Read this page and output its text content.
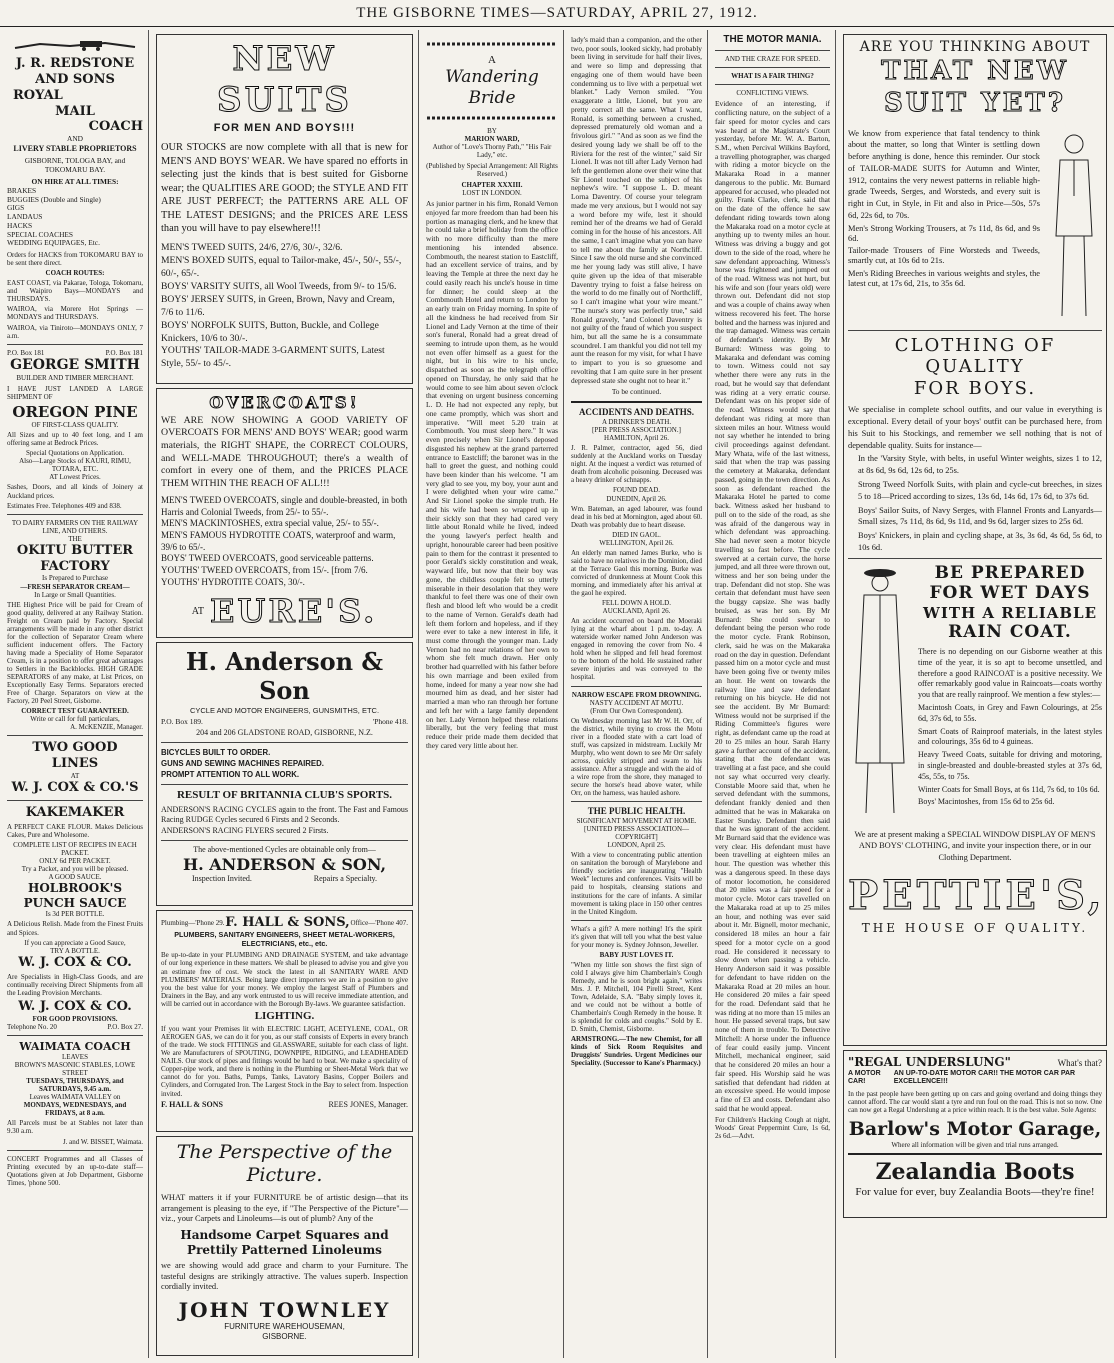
THE GISBORNE TIMES—SATURDAY, APRIL 27, 1912.
J. R. REDSTONE AND SONS
ROYAL
MAIL
COACH
AND
LIVERY STABLE PROPRIETORS
GISBORNE, TOLOGA BAY, and TOKOMARU BAY.
ON HIRE AT ALL TIMES:
BRAKES
BUGGIES (Double and Single)
GIGS
LANDAUS
HACKS
SPECIAL COACHES
WEDDING EQUIPAGES, Etc.

Orders for HACKS from TOKOMARU BAY to be sent there direct.

COACH ROUTES:

EAST COAST, via Pakarae, Tologa, Tokomaru, and Waipiro Bays—MONDAYS and THURSDAYS.

WAIROA, via Morere Hot Springs —MONDAYS and THURSDAYS.

WAIROA, via Tiniroto—MONDAYS ONLY, 7 a.m.

P.O. Box 181	P.O. Box 181
GEORGE SMITH
BUILDER AND TIMBER MERCHANT.

I HAVE JUST LANDED A LARGE SHIPMENT OF

OREGON PINE
OF FIRST-CLASS QUALITY.

All Sizes and up to 40 feet long, and I am offering same at Bedrock Prices.

Special Quotations on Application.
Also—Large Stocks of KAURI, RIMU, TOTARA, ETC.
AT Lowest Prices.

Sashes, Doors, and all kinds of Joinery at Auckland prices.

Estimates Free. Telephones 409 and 838.

TO DAIRY FARMERS ON THE RAILWAY LINE, AND OTHERS.
THE
OKITU BUTTER
FACTORY
Is Prepared to Purchase
—FRESH SEPARATOR CREAM—
In Large or Small Quantities.

THE Highest Price will be paid for Cream of good quality, delivered at any Railway Station. Freight on Cream paid by Factory. Special arrangements will be made in any other district for the collection of Separator Cream where sufficient inducement offers. The Factory having made a Speciality of Home Separator Cream, is in a position to offer great advantages to Settlers in the Backblocks. HIGH GRADE SEPARATORS of any make, at List Prices, on Exceptionally Easy Terms. Separators erected Free of Charge. Separators on view at the Factory, 20 Peel Street, Gisborne.

CORRECT TEST GUARANTEED.
Write or call for full particulars,
A. McKENZIE, Manager.
TWO GOOD LINES
AT
W. J. COX & CO.'S
KAKEMAKER

A PERFECT CAKE FLOUR. Makes Delicious Cakes, Pure and Wholesome.

COMPLETE LIST OF RECIPES IN EACH PACKET.
ONLY 6d PER PACKET.
Try a Packet, and you will be pleased.
A GOOD SAUCE.
HOLBROOK'S
PUNCH SAUCE
Is 3d PER BOTTLE.

A Delicious Relish. Made from the Finest Fruits and Spices.

If you can appreciate a Good Sauce,
TRY A BOTTLE.
W. J. COX & CO.

Are Specialists in High-Class Goods, and are continually receiving Direct Shipments from all the Leading Provision Merchants.

W. J. COX & CO.
FOR GOOD PROVISIONS.
Telephone No. 20	P.O. Box 27.
WAIMATA COACH
LEAVES
BROWN'S MASONIC STABLES, LOWE STREET
TUESDAYS, THURSDAYS, and SATURDAYS, 9.45 a.m.
Leaves WAIMATA VALLEY on
MONDAYS, WEDNESDAYS, and FRIDAYS, at 8 a.m.

All Parcels must be at Stables not later than 9.30 a.m.

J. and W. BISSET, Waimata.

CONCERT Programmes and all Classes of Printing executed by an up-to-date staff—Quotations given at Job Department, Gisborne Times, 'phone 500.

NEW SUITS
FOR MEN AND BOYS!!!

OUR STOCKS are now complete with all that is new for MEN'S AND BOYS' WEAR. We have spared no efforts in selecting just the kinds that is best suited for Gisborne wear; the QUALITIES ARE GOOD; the STYLE AND FIT ARE JUST PERFECT; the PATTERNS ARE ALL OF THE LATEST DESIGNS; and the PRICES ARE LESS than you will have to pay elsewhere!!!

MEN'S TWEED SUITS, 24/6, 27/6, 30/-, 32/6.
MEN'S BOXED SUITS, equal to Tailor-make, 45/-, 50/-, 55/-, 60/-, 65/-.
BOYS' VARSITY SUITS, all Wool Tweeds, from 9/- to 15/6.
BOYS' JERSEY SUITS, in Green, Brown, Navy and Cream, 7/6 to 11/6.
BOYS' NORFOLK SUITS, Button, Buckle, and College Knickers, 10/6 to 30/-.
YOUTHS' TAILOR-MADE 3-GARMENT SUITS, Latest Style, 55/- to 45/-.
OVERCOATS!

WE ARE NOW SHOWING A GOOD VARIETY OF OVERCOATS FOR MENS' AND BOYS' WEAR; good warm materials, the RIGHT SHAPE, the CORRECT COLOURS, and WELL-MADE THROUGHOUT; there's a wealth of comfort in every one of them, and the PRICES PLACE THEM WITHIN THE REACH OF ALL!!!

MEN'S TWEED OVERCOATS, single and double-breasted, in both Harris and Colonial Tweeds, from 25/- to 55/-.
MEN'S MACKINTOSHES, extra special value, 25/- to 55/-.
MEN'S FAMOUS HYDROTITE COATS, waterproof and warm, 39/6 to 65/-.
BOYS' TWEED OVERCOATS, good serviceable patterns.
YOUTHS' TWEED OVERCOATS, from 15/-. [from 7/6.
YOUTHS' HYDROTITE COATS, 30/-.
AT EURE'S.
H. Anderson & Son
CYCLE AND MOTOR ENGINEERS, GUNSMITHS, ETC.
P.O. Box 189.	'Phone 418.
204 and 206 GLADSTONE ROAD, GISBORNE, N.Z.
BICYCLES BUILT TO ORDER.
GUNS AND SEWING MACHINES REPAIRED.
PROMPT ATTENTION TO ALL WORK.
RESULT OF BRITANNIA CLUB'S SPORTS.

ANDERSON'S RACING CYCLES again to the front. The Fast and Famous Racing RUDGE Cycles secured 6 Firsts and 2 Seconds.

ANDERSON'S RACING FLYERS secured 2 Firsts.

The above-mentioned Cycles are obtainable only from—
H. ANDERSON & SON,
Inspection Invited.	Repairs a Specialty.
Plumbing—'Phone 29. F. HALL & SONS, Office—'Phone 407.
PLUMBERS, SANITARY ENGINEERS, SHEET METAL-WORKERS, ELECTRICIANS, etc., etc.

Be up-to-date in your PLUMBING AND DRAINAGE SYSTEM, and take advantage of our long experience in these matters. We shall be pleased to advise you and give you an estimate free of cost. We stock the latest in all SANITARY WARE AND PLUMBERS' MATERIALS. Being large direct importers we are in a position to give you the best value for your money. We employ the largest Staff of Plumbers and Drainers in the Bay, and any work entrusted to us will receive immediate attention, and will be carried out in accordance with the Borough By-laws. We guarantee satisfaction.

LIGHTING.

If you want your Premises lit with ELECTRIC LIGHT, ACETYLENE, COAL, OR AEROGEN GAS, we can do it for you, as our staff consists of Experts in every branch of the trade. We stock FITTINGS and GLASSWARE, suitable for each class of light. We are Manufacturers of SPOUTING, DOWNPIPE, RIDGING, and LEADHEADED NAILS. Our stock of pipes and fittings would be hard to beat. We make a speciality of Copper-pipe work, and there is nothing in the Plumbing or Sheet-Metal Work that we cannot do for you. Baths, Pumps, Tanks, Lavatory Basins, Copper Boilers and Cylinders, and Corrugated Iron. The Largest Stock in the Bay to select from. Inspection invited.

F. HALL & SONS	REES JONES, Manager.
The Perspective of the Picture.

WHAT matters it if your FURNITURE be of artistic design—that its arrangement is pleasing to the eye, if "The Perspective of the Picture"—viz., your Carpets and Linoleums—is out of plumb? Any of the

Handsome Carpet Squares and Prettily Patterned Linoleums

we are showing would add grace and charm to your Furniture. The tasteful designs are strikingly attractive. The values superb. Inspection cordially invited.

JOHN TOWNLEY
FURNITURE WAREHOUSEMAN,
GISBORNE.
A
Wandering Bride
BY
MARION WARD,
Author of "Love's Thorny Path," "His Fair Lady," etc.
(Published by Special Arrangement: All Rights Reserved.)
CHAPTER XXXIII.
LOST IN LONDON.

As junior partner in his firm, Ronald Vernon enjoyed far more freedom than had been his portion as managing clerk, and he knew that he could take a brief holiday from the office with no more difficulty than the mere mentioning his intended absence. Combmouth, the nearest station to Eastcliff, had an excellent service of trains, and by leaving the Temple at three the next day he could easily reach his uncle's house in time for dinner; he could sleep at the Combmouth Hotel and return to London by an early train on Friday morning. In spite of all the kindness he had received from Sir Lionel and Lady Vernon at the time of their son's funeral, Ronald had a great dread of seeming to intrude upon them, as he would not even offer himself as a guest for the night, but in his wire to his uncle, dispatched as soon as the telegraph office opened on Thursday, he only said that he would come to see him about seven o'clock that evening on urgent business concerning L. D. He had not expected any reply, but one came promptly, which was short and imperative. "Will meet 5.20 train at Combmouth. You must sleep here." It was even precisely when Sir Lionel's deposed disgusted his nephew at the grand parterred entrance to Eastcliff; the baronet was in the hall to greet the guest, and nothing could have been kinder than his welcome. "I am very glad to see you, my boy, your aunt and I were delighted when your wire came." And Sir Lionel spoke the simple truth. He and his wife had been so wrapped up in their sickly son that they had cared very little about Ronald while he lived, indeed the young lawyer's perfect health and upright, honourable career had been positive pain to them for the contrast it presented to poor Gerald's sickly constitution and weak, wayward life, but now that their boy was gone, the childless couple felt so utterly miserable in their desolation that they were thankful to feel there was one of their own flesh and blood left who would be a credit to the name of Vernon. Gerald's death had left them forlorn and hopeless, and if they were ever to take a new interest in life, it must come through the younger man. Lady Vernon had no near relations of her own to whom she felt much drawn. Her only brother had quarrelled with his father before his own marriage and been exiled from home, indeed for many a year now she had mourned him as dead, and her sister had married a man who ran through her fortune and left her with a large family dependent on her. Lady Vernon helped these relations liberally, but the very feeling that must reduce their pride made them decided that they cared very little about her.

lady's maid than a companion, and the other two, poor souls, looked sickly, had probably been living in servitude for half their lives, and were so limp and depressing that engaging one of them would have been condemning us to live with a perpetual wet blanket." Lady Vernon smiled. "You exaggerate a little, Lionel, but you are pretty correct all the same. What I want, Ronald, is something between a crushed, depressed prematurely old woman and a frivolous girl." "And as soon as we find the desired young lady we shall be off to the Riviera for the rest of the winter," said Sir Lionel. It was not till after Lady Vernon had left the gentlemen alone over their wine that Sir Lionel touched on the subject of his nephew's wire. "I suppose L. D. meant Lorna Daventry. Of course your telegram made me very anxious, but I would not say a word before my wife, lest it should remind her of the dreams we had of Gerald coming in for the house of his ancestors. All the same, I can't imagine what you can have to tell me about the family at Northcliff. Since I saw the old nurse and she convinced me her young lady was still alive, I have quite given up the idea of that miserable Daventry trying to foist a false heiress on the world to do me finally out of Northcliff, so I can't imagine what your wire meant." "The nurse's story was perfectly true," said Ronald gravely, "and Colonel Daventry is not guilty of the fraud of which you suspect him, but all the same he is a consummate scoundrel. I am thankful you did not tell my aunt the reason for my visit, for what I have to impart to you is so gruesome and revolting that I am quite sure in her present depressed state she ought not to hear it."

To be continued.
ACCIDENTS AND DEATHS.
A DRINKER'S DEATH.
[PER PRESS ASSOCIATION.]
HAMILTON, April 26.

J. R. Palmer, contractor, aged 56, died suddenly at the Auckland works on Tuesday night. At the inquest a verdict was returned of death from alcoholic poisoning. Deceased was a heavy drinker of schnapps.

FOUND DEAD.
DUNEDIN, April 26.

Wm. Bateman, an aged labourer, was found dead in his bed at Mornington, aged about 60. Death was probably due to heart disease.

DIED IN GAOL.
WELLINGTON, April 26.

An elderly man named James Burke, who is said to have no relatives in the Dominion, died at the Terrace Gaol this morning. Burke was convicted of drunkenness at Mount Cook this morning, and immediately after his arrival at the gaol he expired.

FELL DOWN A HOLD.
AUCKLAND, April 26.

An accident occurred on board the Moeraki lying at the wharf about 1 p.m. to-day. A waterside worker named John Anderson was engaged in removing the cover from No. 4 hold when he slipped and fell head foremost to the bottom of the hold. He sustained rather severe injuries and was conveyed to the hospital.

NARROW ESCAPE FROM DROWNING.
NASTY ACCIDENT AT MOTU.
(From Our Own Correspondent).

On Wednesday morning last Mr W. H. Orr, of the district, while trying to cross the Motu river in a flooded state with a cart load of stuff, was capsized in midstream. Luckily Mr Murphy, who went down to see Mr Orr safely across, quickly stripped and swam to his assistance. After a struggle and with the aid of a wire rope from the shore, they managed to secure the horse's head above water, while Orr, on the harness, was hauled ashore.

THE PUBLIC HEALTH.
SIGNIFICANT MOVEMENT AT HOME.
[UNITED PRESS ASSOCIATION—COPYRIGHT]
LONDON, April 25.

With a view to concentrating public attention on sanitation the borough of Marylebone and friendly societies are inaugurating "Health Week" lectures and conferences. Visits will be paid to hospitals, cleansing stations and institutions for the care of infants. A similar movement is taking place in 150 other centres in the United Kingdom.

What's a gift? A mere nothing! It's the spirit it's given that will tell you what the best value for your money is. Sydney Johnson, Jeweller.

BABY JUST LOVES IT.

"When my little son shows the first sign of cold I always give him Chamberlain's Cough Remedy, and he is soon bright again," writes Mrs. J. P. Mitchell, 104 Pirelli Street, Kent Town, Adelaide, S.A. "Baby simply loves it, and we could not be without a bottle of Chamberlain's Cough Remedy in the house. It is splendid for colds and coughs." Sold by E. D. Smith, Chemist, Gisborne.

ARMSTRONG.—The new Chemist, for all kinds of Sick Room Requisites and Druggists' Sundries. Urgent Medicines our Speciality. (Successor to Kane's Pharmacy.)

THE MOTOR MANIA.
AND THE CRAZE FOR SPEED.
WHAT IS A FAIR THING?
CONFLICTING VIEWS.

Evidence of an interesting, if conflicting nature, on the subject of a fair speed for motor cycles and cars was heard at the Magistrate's Court yesterday, before Mr. W. A. Barton, S.M., when Percival Wilkins Bayford, a travelling photographer, was charged with riding a motor bicycle on the Makaraka Road in a manner dangerous to the public. Mr. Burnard appeared for accused, who pleaded not guilty. Frank Clarke, clerk, said that on the date of the offence he saw defendant riding towards town along the Makaraka road on a motor cycle at anything up to twenty miles an hour. Witness was driving a buggy and got down to the side of the road, where he saw defendant approaching. Witness's horse was frightened and jumped out of the road. Witness was not hurt, but his wife and son (four years old) were thrown out. Defendant did not stop and was a couple of chains away when witness recovered his feet. The horse bolted and the harness was injured and the trap damaged. Witness was certain of defendant's identity. By Mr Burnard: Witness was going to Makaraka and defendant was coming to town. Witness could not say whether there were any ruts in the road, but he would say that defendant was riding at a very erratic course. Defendant was on his proper side of the road. Witness would say that defendant was riding at more than sixteen miles an hour. Witness would not say whether he intended to bring civil proceedings against defendant. Mary Whata, wife of the last witness, said that when the trap was passing the cemetery at Makaraka, defendant passed, going in the town direction. As soon as defendant reached the Makaraka Hotel he parted to come back. Witness asked her husband to pull on to the side of the road, as she was afraid of the dangerous way in which defendant was approaching. She had never seen a motor bicycle travelling so fast before. The cycle swerved at a certain curve, the horse jumped, and all three were thrown out, witness and her son being under the trap. Defendant did not stop. She was certain that defendant must have seen the buggy capsize. She was badly bruised, as was her son. By Mr Burnard: She could swear to defendant being the person who rode the motor cycle. Frank Robinson, clerk, said he was on the Makaraka road on the day in question. Defendant passed him on a motor cycle and must have been going five or twenty miles an hour. He went on towards the railway line and saw defendant returning on his bicycle. He did not see the accident. By Mr Burnard: Witness would not be surprised if the Riding Committee's figures were right, as defendant came up the road at 20 to 25 miles an hour. Sarah Harry gave a further account of the accident, stating that the defendant was travelling at a fast pace, and she could not say what occurred very clearly. Constable Moore said that, when he served defendant with the summons, defendant frankly denied and then admitted that he was in Makaraka on Easter Sunday. Defendant then said that he was ignorant of the accident. Mr Burnard said that the evidence was very clear. His defendant must have been travelling at eighteen miles an hour. The question was whether this was a dangerous speed. In these days of motor locomotion, he considered that 20 miles was a fair speed for a motor cycle. Motor cars travelled on the Makaraka road at up to 25 miles an hour, and nothing was ever said about it. Mr. Bignell, motor mechanic, considered 18 miles an hour a fair speed for a motor cycle on a good road. He considered it necessary to slow down when passing a vehicle. Henry Anderson said it was possible for defendant to have ridden on the Makaraka Road at 20 miles an hour. He considered 20 miles a fair speed for the road. Defendant said that he was riding at no more than 15 miles an hour. He passed several traps, but saw none of them in trouble. To Detective Mitchell: A horse under the influence of fear could easily jump. Vincent Mitchell, mechanical engineer, said that he considered 20 miles an hour a fair speed. His Worship said he was satisfied that defendant had ridden at an excessive speed. He would impose a fine of £3 and costs. Defendant also said that he would appeal.

For Children's Hacking Cough at night, Woods' Great Peppermint Cure, 1s 6d, 2s 6d.—Advt.

ARE YOU THINKING ABOUT
THAT NEW SUIT YET?

We know from experience that fatal tendency to think about the matter, so long that Winter is settling down before anything is done, hence this reminder. Our stock of TAILOR-MADE SUITS for Autumn and Winter, 1912, contains the very newest patterns in reliable high-grade Tweeds, Serges, and Worsteds, and every suit is right in Cut, in Style, in Fit and also in Price—50s, 57s 6d, 22s 6d, to 70s.

Men's Strong Working Trousers, at 7s 11d, 8s 6d, and 9s 6d.

Tailor-made Trousers of Fine Worsteds and Tweeds, smartly cut, at 10s 6d to 21s.

Men's Riding Breeches in various weights and styles, the latest cut, at 17s 6d, 21s, to 35s 6d.

CLOTHING OF QUALITY
FOR BOYS.

We specialise in complete school outfits, and our value in everything is exceptional. Every detail of your boys' outfit can be purchased here, from his Suit to his Stockings, and remember we sell nothing that is not of dependable quality. Suits for instance—

In the 'Varsity Style, with belts, in useful Winter weights, sizes 1 to 12, at 8s 6d, 9s 6d, 12s 6d, to 25s.

Strong Tweed Norfolk Suits, with plain and cycle-cut breeches, in sizes 5 to 18—Priced according to sizes, 13s 6d, 14s 6d, 17s 6d, to 37s 6d.

Boys' Sailor Suits, of Navy Serges, with Flannel Fronts and Lanyards—Small sizes, 7s 11d, 8s 6d, 9s 11d, and 9s 6d, larger sizes to 25s 6d.

Boys' Knickers, in plain and cycling shape, at 3s, 3s 6d, 4s 6d, 5s 6d, to 10s 6d.

BE PREPARED
FOR WET DAYS
WITH A RELIABLE
RAIN COAT.

There is no depending on our Gisborne weather at this time of the year, it is so apt to become unsettled, and therefore a good RAINCOAT is a positive necessity. We offer remarkably good value in Raincoats—coats worthy you that are really rainproof. We mention a few styles:—

Macintosh Coats, in Grey and Fawn Colourings, at 25s 6d, 37s 6d, to 55s.

Smart Coats of Rainproof materials, in the latest styles and colourings, 35s 6d to 4 guineas.

Heavy Tweed Coats, suitable for driving and motoring, in single-breasted and double-breasted styles at 37s 6d, 45s, 55s, to 75s.

Winter Coats for Small Boys, at 6s 11d, 7s 6d, to 10s 6d.

Boys' Macintoshes, from 15s 6d to 25s 6d.

We are at present making a SPECIAL WINDOW DISPLAY OF MEN'S AND BOYS' CLOTHING, and invite your inspection there, or in our Clothing Department.

PETTIE'S,
THE HOUSE OF QUALITY.
"REGAL UNDERSLUNG"	What's that?
A MOTOR CAR!
AN UP-TO-DATE MOTOR CAR!! THE MOTOR CAR PAR EXCELLENCE!!!

In the past people have been getting up on cars and going overland and doing things they cannot afford. The car would slant a tyre and run foul on the road. This is not so now. One can now get a Regal Underslung at a price within reach. It is the best value. Sole Agents:

Barlow's Motor Garage,
Where all information will be given and trial runs arranged.
Zealandia Boots
For value for ever, buy Zealandia Boots—they're fine!
